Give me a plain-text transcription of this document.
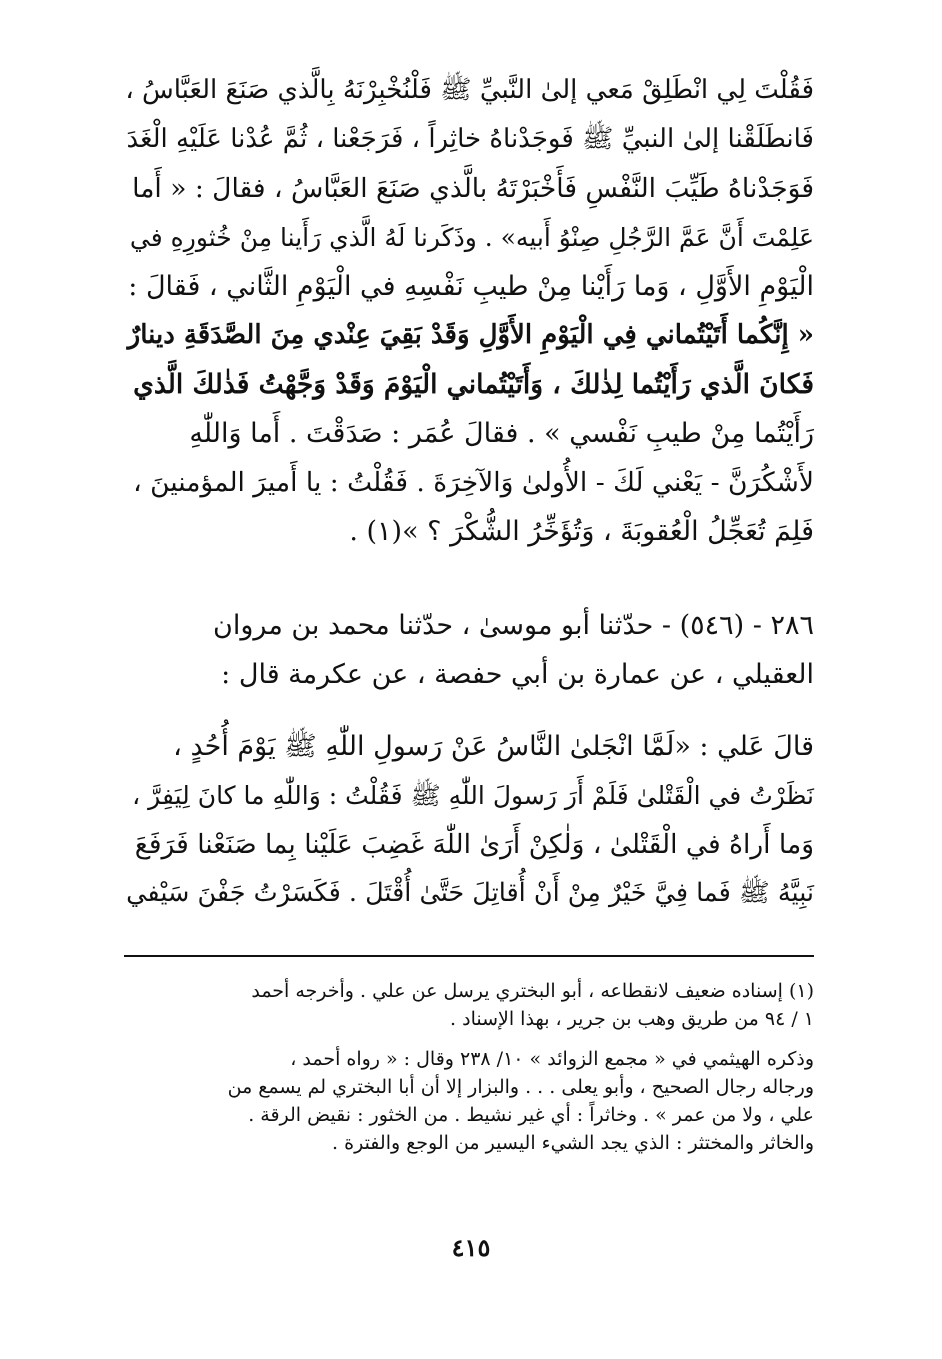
فَقُلْتَ لِي انْطَلِقْ مَعي إلىٰ النَّبيِّ ﷺ فَلْنُخْبِرْنَهُ بِالَّذي صَنَعَ العَبَّاسُ ،
فَانطَلَقْنا إلىٰ النبيِّ ﷺ فَوجَدْناهُ خاثِراً ، فَرَجَعْنا ، ثُمَّ عُدْنا عَلَيْهِ الْغَدَ
فَوَجَدْناهُ طَيِّبَ النَّفْسِ فَأَخْبَرْتَهُ بالَّذي صَنَعَ العَبَّاسُ ، فقالَ : « أَما
عَلِمْتَ أَنَّ عَمَّ الرَّجُلِ صِنْوُ أَبيه» . وذَكَرنا لَهُ الَّذي رَأَينا مِنْ خُثورِهِ في
الْيَوْمِ الأَوَّلِ ، وَما رَأَيْنا مِنْ طيبِ نَفْسِهِ في الْيَوْمِ الثَّاني ، فَقالَ :
« إِنَّكُما أَتَيْتُماني فِي الْيَوْمِ الأَوَّلِ وَقَدْ بَقِيَ عِنْدي مِنَ الصَّدَقَةِ دينارٌ
فَكانَ الَّذي رَأَيْتُما لِذٰلكَ ، وَأَتَيْتُماني الْيَوْمَ وَقَدْ وَجَّهْتُ فَذٰلكَ الَّذي
رَأَيْتُما مِنْ طيبِ نَفْسي » . فقالَ عُمَر : صَدَقْتَ . أَما وَاللّٰهِ
لأَشْكُرَنَّ - يَعْني لَكَ - الأُولىٰ وَالآخِرَةَ . فَقُلْتُ : يا أَميرَ المؤمنينَ ،
فَلِمَ تُعَجِّلُ الْعُقوبَةَ ، وَتُؤَخِّرُ الشُّكْرَ ؟ »(١) .
٢٨٦ - (٥٤٦) - حدّثنا أبو موسىٰ ، حدّثنا محمد بن مروان
العقيلي ، عن عمارة بن أبي حفصة ، عن عكرمة قال :
قالَ عَلي : «لَمَّا انْجَلىٰ النَّاسُ عَنْ رَسولِ اللّٰهِ ﷺ يَوْمَ أُحُدٍ ،
نَظَرْتُ في الْقَتْلىٰ فَلَمْ أَرَ رَسولَ اللّٰهِ ﷺ فَقُلْتُ : وَاللّٰهِ ما كانَ لِيَفِرَّ ،
وَما أَراهُ في الْقَتْلىٰ ، وَلٰكِنْ أَرَىٰ اللّٰهَ غَضِبَ عَلَيْنا بِما صَنَعْنا فَرَفَعَ
نَبِيَّهُ ﷺ فَما فِيَّ خَيْرٌ مِنْ أَنْ أُقاتِلَ حَتَّىٰ أُقْتَلَ . فَكَسَرْتُ جَفْنَ سَيْفي
(١) إسناده ضعيف لانقطاعه ، أبو البختري يرسل عن علي . وأخرجه أحمد
١ / ٩٤ من طريق وهب بن جرير ، بهذا الإسناد .
وذكره الهيثمي في « مجمع الزوائد » ١٠/ ٢٣٨ وقال : « رواه أحمد ،
ورجاله رجال الصحيح ، وأبو يعلى . . . والبزار إلا أن أبا البختري لم يسمع من
علي ، ولا من عمر » . وخاثراً : أي غير نشيط . من الخثور : نقيض الرقة .
والخاثر والمختثر : الذي يجد الشيء اليسير من الوجع والفترة .
٤١٥
